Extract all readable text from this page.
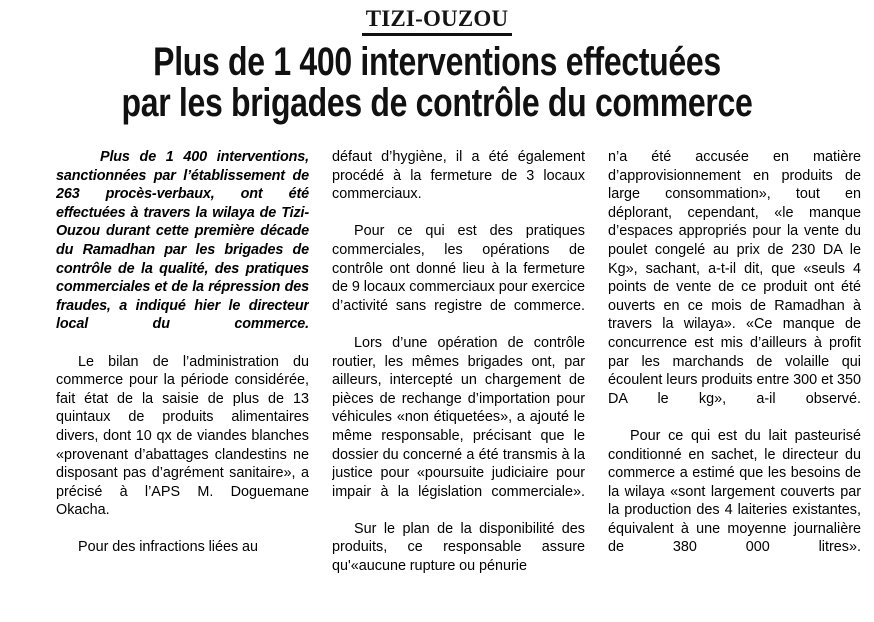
TIZI-OUZOU
Plus de 1 400 interventions effectuées
par les brigades de contrôle du commerce

Plus de 1 400 interventions, sanctionnées par l’établissement de 263 procès-verbaux, ont été effectuées à travers la wilaya de Tizi-Ouzou durant cette première décade du Ramadhan par les brigades de contrôle de la qualité, des pratiques commerciales et de la répression des fraudes, a indiqué hier le directeur local du commerce.

Le bilan de l’administration du commerce pour la période considérée, fait état de la saisie de plus de 13 quintaux de produits alimentaires divers, dont 10 qx de viandes blanches «provenant d’abattages clandestins ne disposant pas d’agrément sanitaire», a précisé à l’APS M. Doguemane Okacha.

Pour des infractions liées au

défaut d’hygiène, il a été également procédé à la fermeture de 3 locaux commerciaux.

Pour ce qui est des pratiques commerciales, les opérations de contrôle ont donné lieu à la fermeture de 9 locaux commerciaux pour exercice d’activité sans registre de commerce.

Lors d’une opération de contrôle routier, les mêmes brigades ont, par ailleurs, intercepté un chargement de pièces de rechange d’importation pour véhicules «non étiquetées», a ajouté le même responsable, précisant que le dossier du concerné a été transmis à la justice pour «poursuite judiciaire pour impair à la législation commerciale».

Sur le plan de la disponibilité des produits, ce responsable assure qu'«aucune rupture ou pénurie

n’a été accusée en matière d’approvisionnement en produits de large consommation», tout en déplorant, cependant, «le manque d’espaces appropriés pour la vente du poulet congelé au prix de 230 DA le Kg», sachant, a-t-il dit, que «seuls 4 points de vente de ce produit ont été ouverts en ce mois de Ramadhan à travers la wilaya». «Ce manque de concurrence est mis d’ailleurs à profit par les marchands de volaille qui écoulent leurs produits entre 300 et 350 DA le kg», a-il observé.

Pour ce qui est du lait pasteurisé conditionné en sachet, le directeur du commerce a estimé que les besoins de la wilaya «sont largement couverts par la production des 4 laiteries existantes, équivalent à une moyenne journalière de 380 000 litres».
